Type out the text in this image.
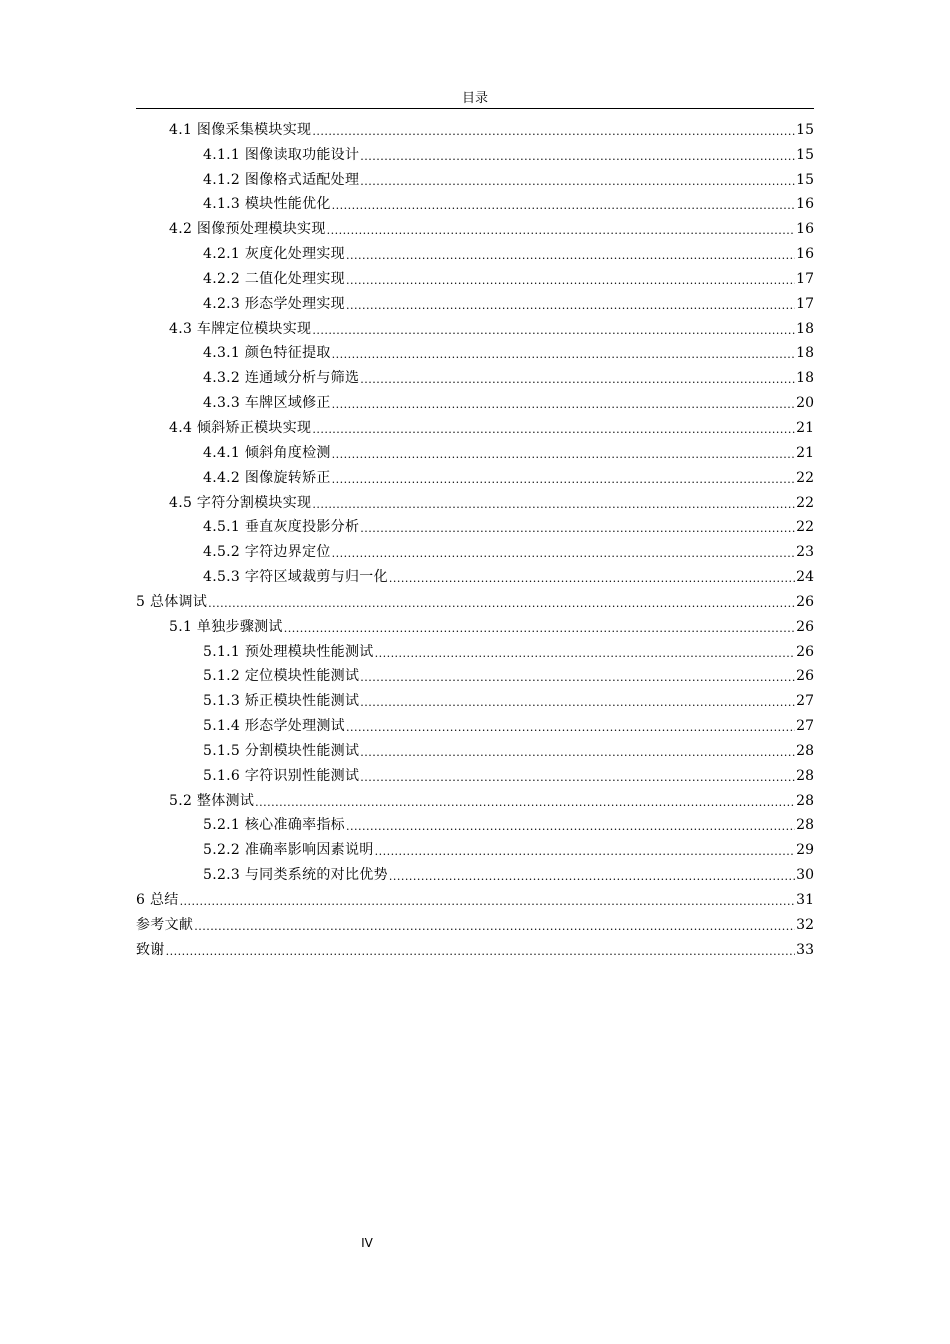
目录
4.1 图像采集模块实现 .....	15
4.1.1 图像读取功能设计 .....	15
4.1.2 图像格式适配处理 .....	15
4.1.3 模块性能优化 .....	16
4.2 图像预处理模块实现 .....	16
4.2.1 灰度化处理实现 .....	16
4.2.2 二值化处理实现 .....	17
4.2.3 形态学处理实现 .....	17
4.3 车牌定位模块实现 .....	18
4.3.1 颜色特征提取 .....	18
4.3.2 连通域分析与筛选 .....	18
4.3.3 车牌区域修正 .....	20
4.4 倾斜矫正模块实现 .....	21
4.4.1 倾斜角度检测 .....	21
4.4.2 图像旋转矫正 .....	22
4.5 字符分割模块实现 .....	22
4.5.1 垂直灰度投影分析 .....	22
4.5.2 字符边界定位 .....	23
4.5.3 字符区域裁剪与归一化 .....	24
5 总体调试 .....	26
5.1 单独步骤测试 .....	26
5.1.1 预处理模块性能测试 .....	26
5.1.2 定位模块性能测试 .....	26
5.1.3 矫正模块性能测试 .....	27
5.1.4 形态学处理测试 .....	27
5.1.5 分割模块性能测试 .....	28
5.1.6 字符识别性能测试 .....	28
5.2 整体测试 .....	28
5.2.1 核心准确率指标 .....	28
5.2.2 准确率影响因素说明 .....	29
5.2.3 与同类系统的对比优势 .....	30
6 总结 .....	31
参考文献 .....	32
致谢 .....	33
IV
